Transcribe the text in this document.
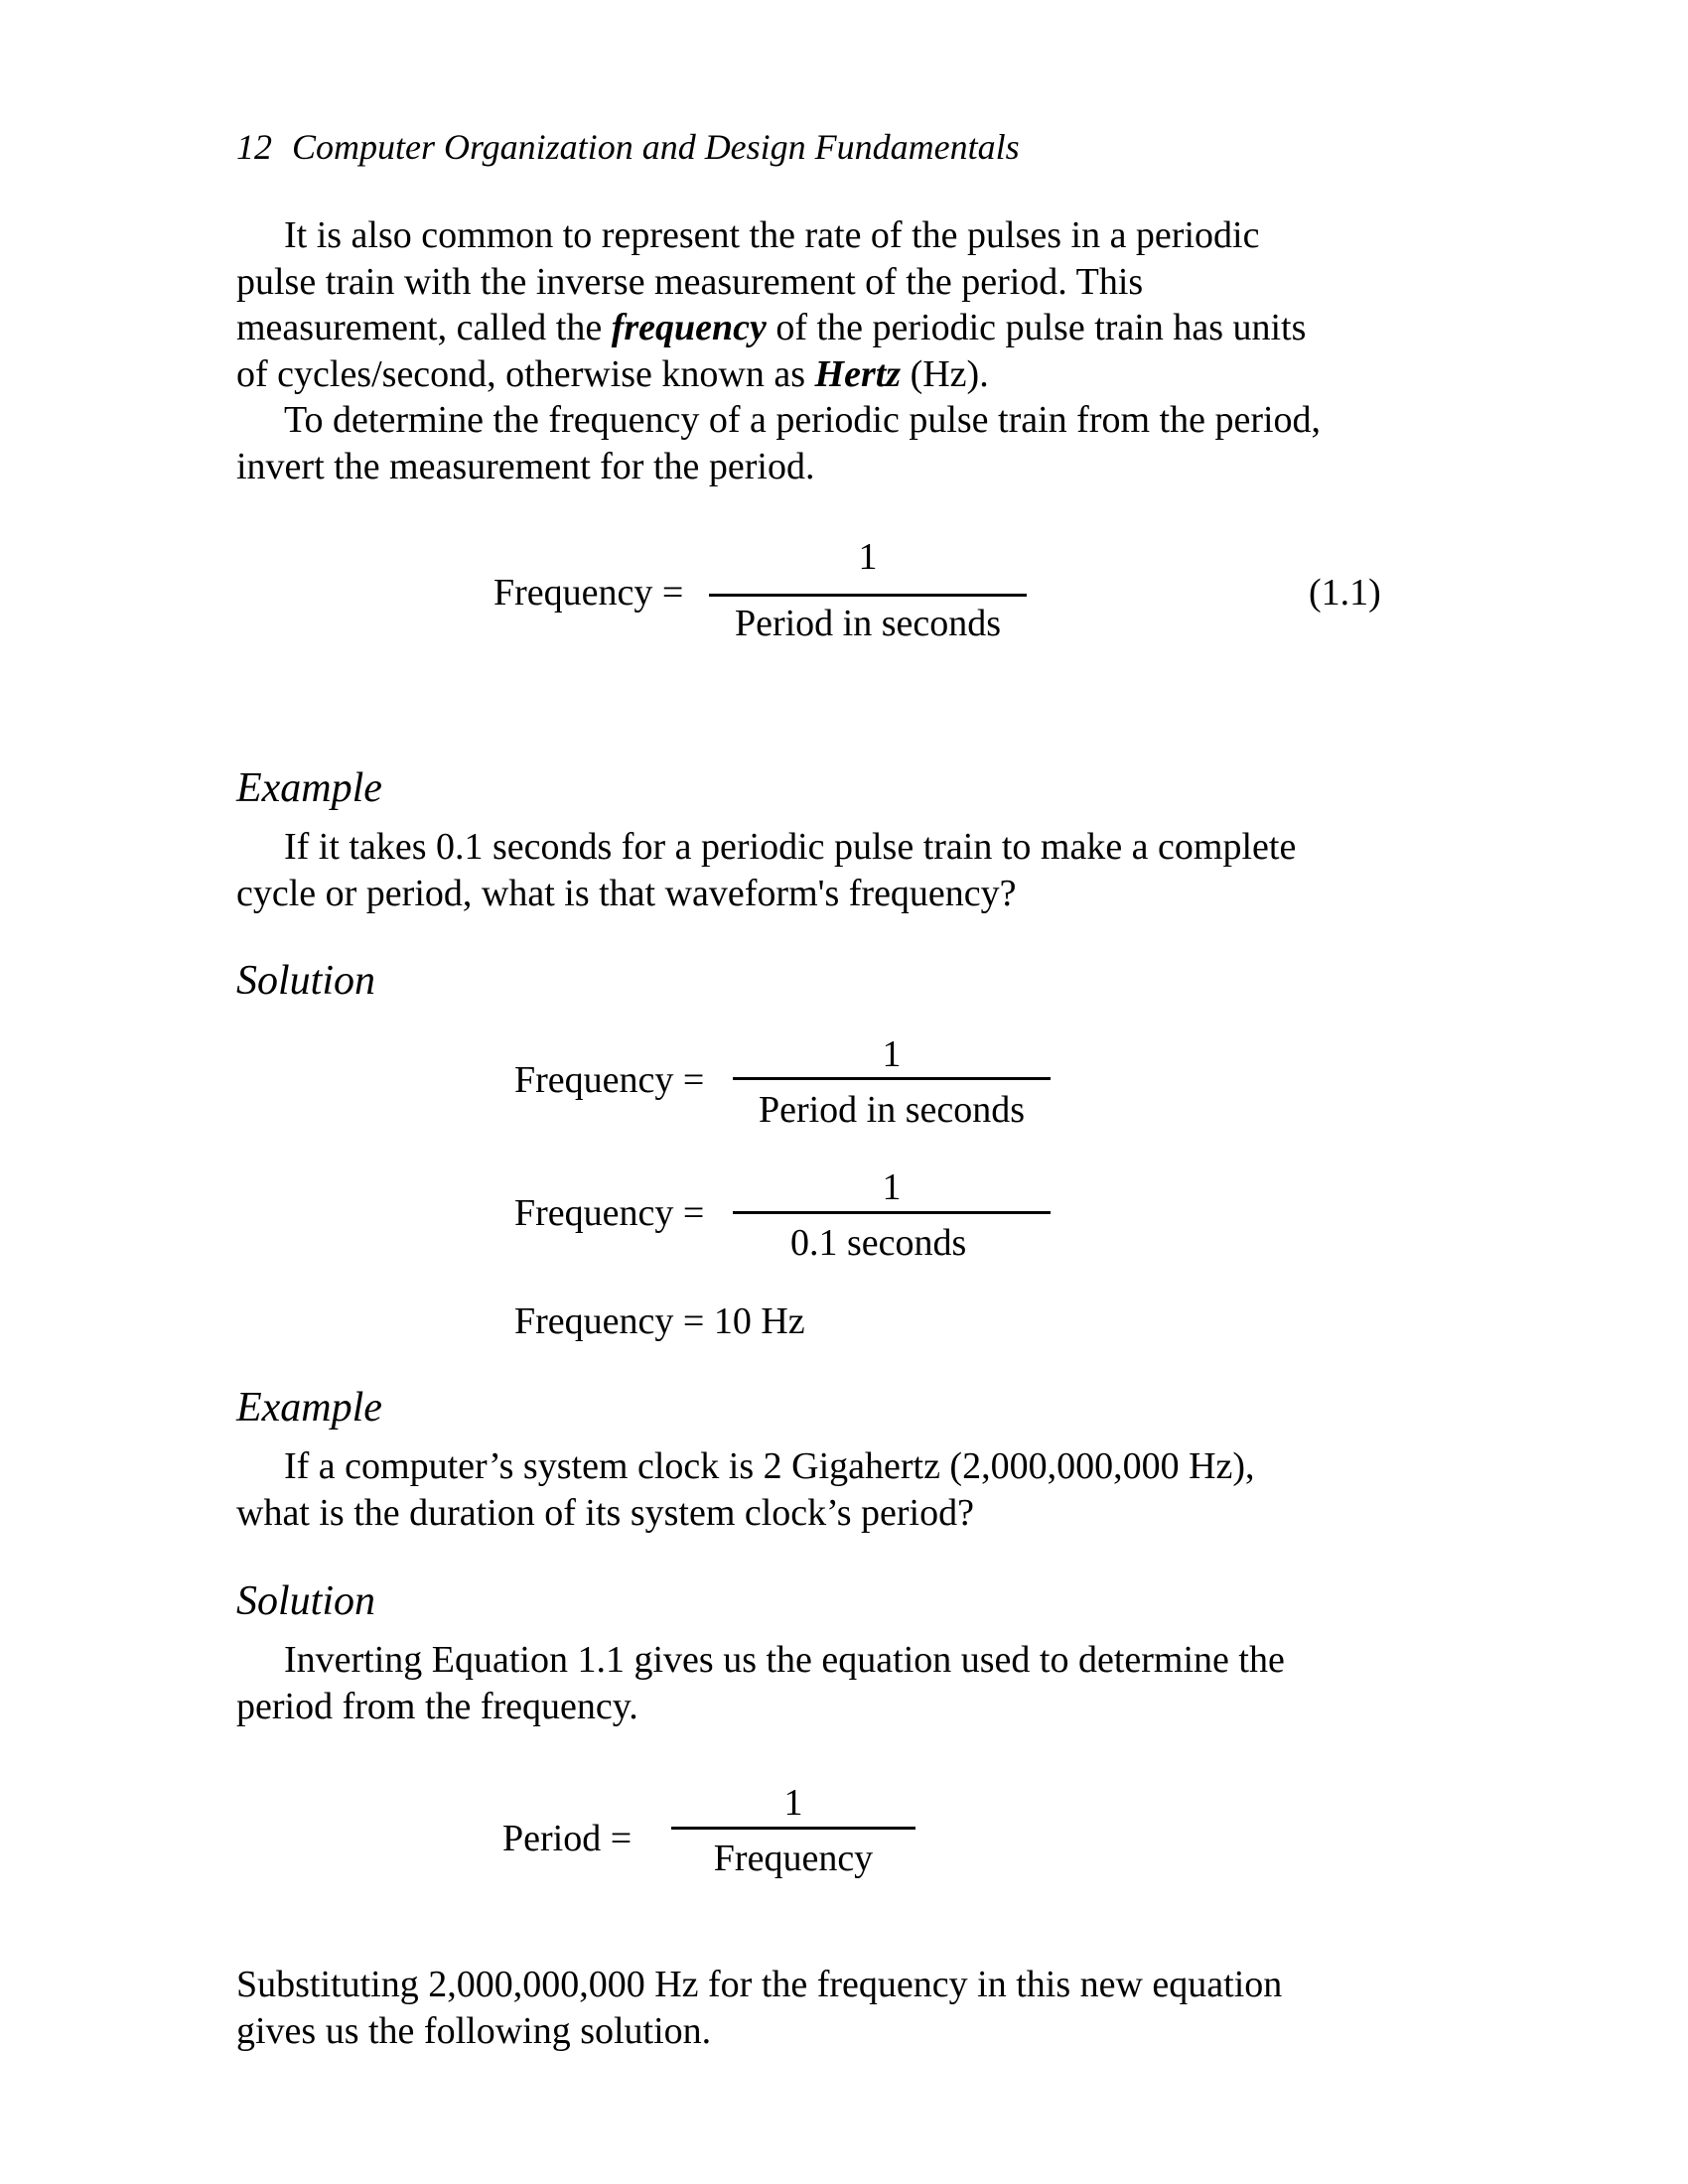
12 Computer Organization and Design Fundamentals
It is also common to represent the rate of the pulses in a periodic
pulse train with the inverse measurement of the period. This
measurement, called the frequency of the periodic pulse train has units
of cycles/second, otherwise known as Hertz (Hz).
To determine the frequency of a periodic pulse train from the period,
invert the measurement for the period.
Frequency =
1
Period in seconds
(1.1)
Example
If it takes 0.1 seconds for a periodic pulse train to make a complete
cycle or period, what is that waveform's frequency?
Solution
Frequency =
1
Period in seconds
Frequency =
1
0.1 seconds
Frequency = 10 Hz
Example
If a computer’s system clock is 2 Gigahertz (2,000,000,000 Hz),
what is the duration of its system clock’s period?
Solution
Inverting Equation 1.1 gives us the equation used to determine the
period from the frequency.
Period =
1
Frequency
Substituting 2,000,000,000 Hz for the frequency in this new equation
gives us the following solution.
